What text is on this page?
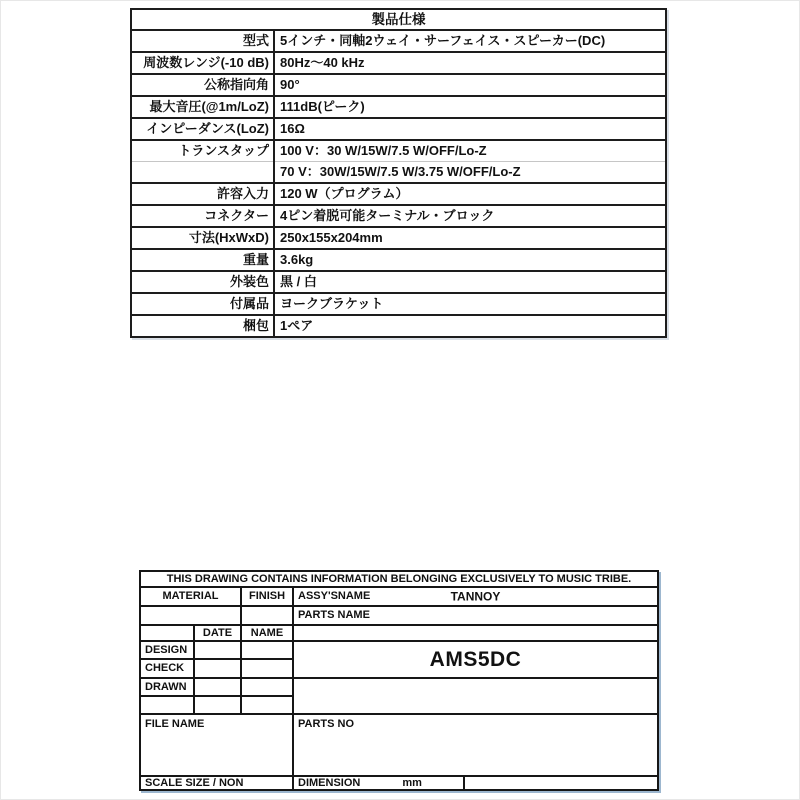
製品仕様	
型式	5インチ・同軸2ウェイ・サーフェイス・スピーカー(DC)
周波数レンジ(-10 dB)	80Hz～40 kHz
公称指向角	90°
最大音圧(@1m/LoZ)	111dB(ピーク)
インピーダンス(LoZ)	16Ω
トランスタップ	100 V：30 W/15W/7.5 W/OFF/Lo-Z
	70 V：30W/15W/7.5 W/3.75 W/OFF/Lo-Z
許容入力	120 W（プログラム）
コネクター	4ピン着脱可能ターミナル・ブロック
寸法(HxWxD)	250x155x204mm
重量	3.6kg
外装色	黒 / 白
付属品	ヨークブラケット
梱包	1ペア
THIS DRAWING CONTAINS INFORMATION BELONGING EXCLUSIVELY TO MUSIC TRIBE.				
MATERIAL		FINISH	ASSY'SNAME TANNOY	

			PARTS NAME	
	DATE	NAME		
DESIGN			AMS5DC	
CHECK				
DRAWN				

FILE NAME			PARTS NO	
SCALE SIZE / NON			DIMENSION mm	
